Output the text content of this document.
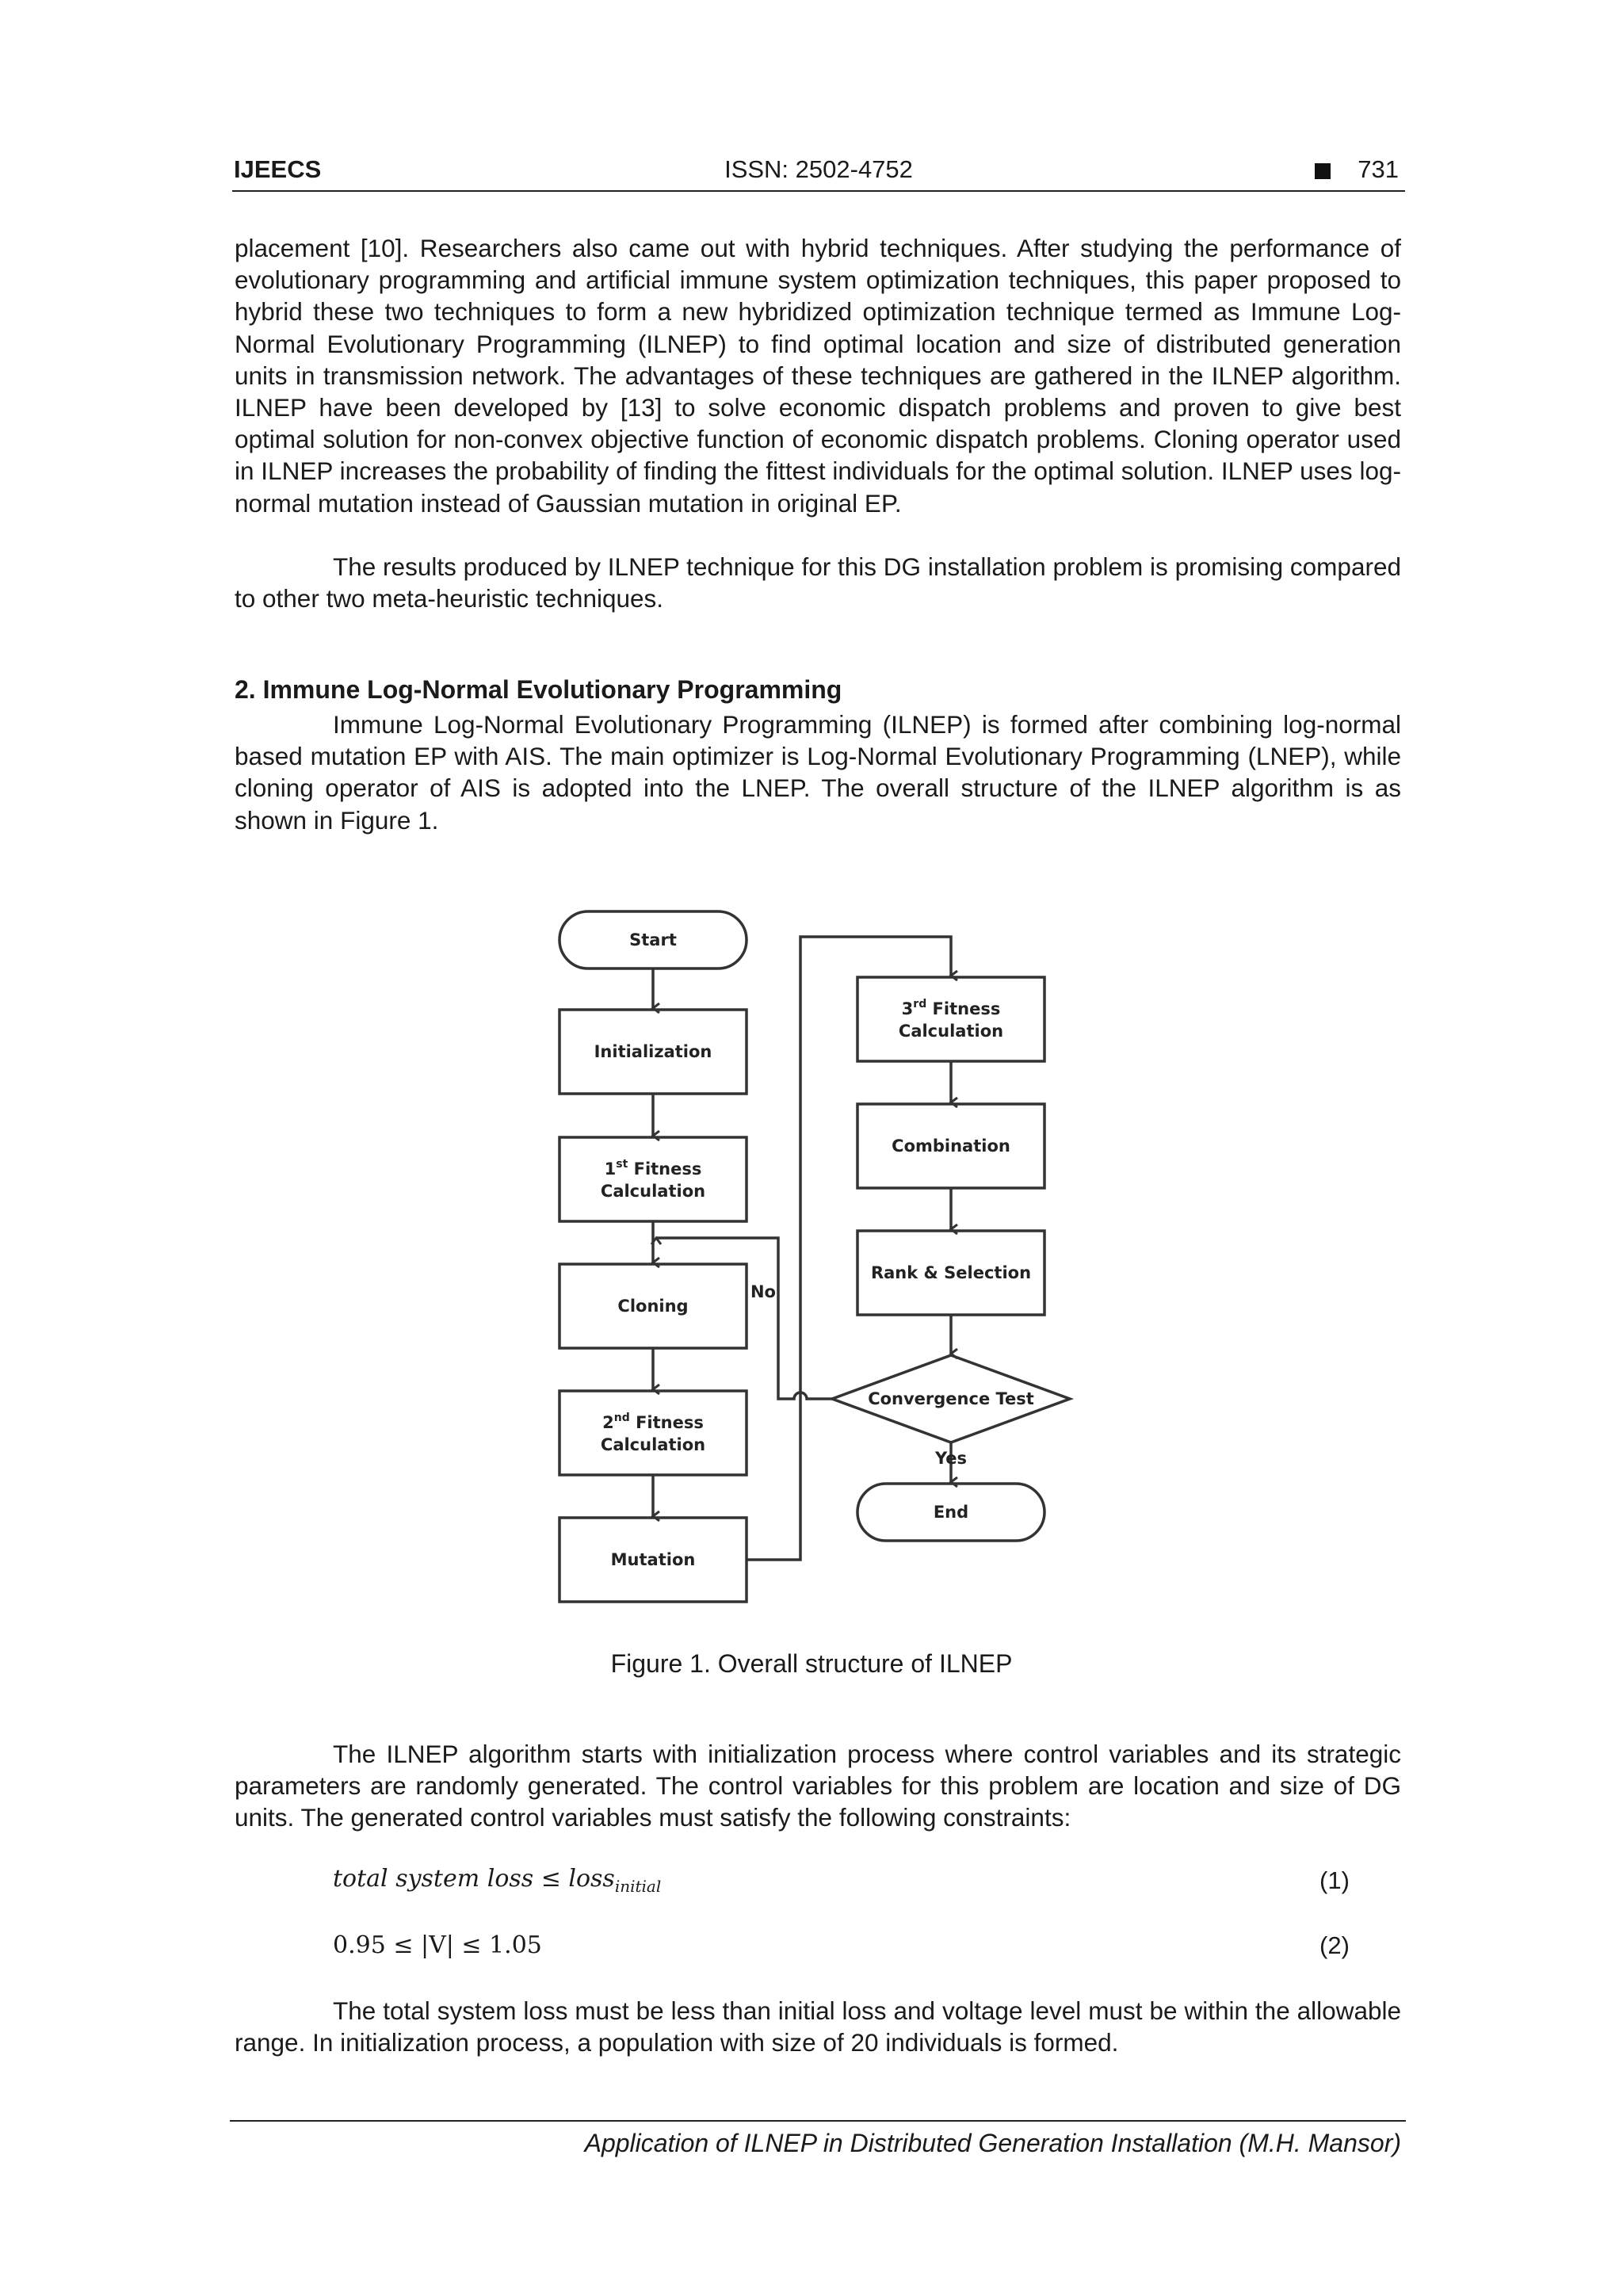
IJEECS	ISSN: 2502-4752	731

placement [10]. Researchers also came out with hybrid techniques. After studying the performance of evolutionary programming and artificial immune system optimization techniques, this paper proposed to hybrid these two techniques to form a new hybridized optimization technique termed as Immune Log-Normal Evolutionary Programming (ILNEP) to find optimal location and size of distributed generation units in transmission network. The advantages of these techniques are gathered in the ILNEP algorithm. ILNEP have been developed by [13] to solve economic dispatch problems and proven to give best optimal solution for non-convex objective function of economic dispatch problems. Cloning operator used in ILNEP increases the probability of finding the fittest individuals for the optimal solution. ILNEP uses log-normal mutation instead of Gaussian mutation in original EP.

The results produced by ILNEP technique for this DG installation problem is promising compared to other two meta-heuristic techniques.

2. Immune Log-Normal Evolutionary Programming

Immune Log-Normal Evolutionary Programming (ILNEP) is formed after combining log-normal based mutation EP with AIS. The main optimizer is Log-Normal Evolutionary Programming (LNEP), while cloning operator of AIS is adopted into the LNEP. The overall structure of the ILNEP algorithm is as shown in Figure 1.

Start
Initialization
1st Fitness
Calculation
Cloning
2nd Fitness
Calculation
Mutation
3rd Fitness
Calculation
Combination
Rank & Selection
Convergence Test
No
Yes
End
Figure 1. Overall structure of ILNEP

The ILNEP algorithm starts with initialization process where control variables and its strategic parameters are randomly generated. The control variables for this problem are location and size of DG units. The generated control variables must satisfy the following constraints:

total system loss ≤ loss$_{initial}$	(1)
0.95 ≤ |V| ≤ 1.05	(2)

The total system loss must be less than initial loss and voltage level must be within the allowable range. In initialization process, a population with size of 20 individuals is formed.

Application of ILNEP in Distributed Generation Installation (M.H. Mansor)
